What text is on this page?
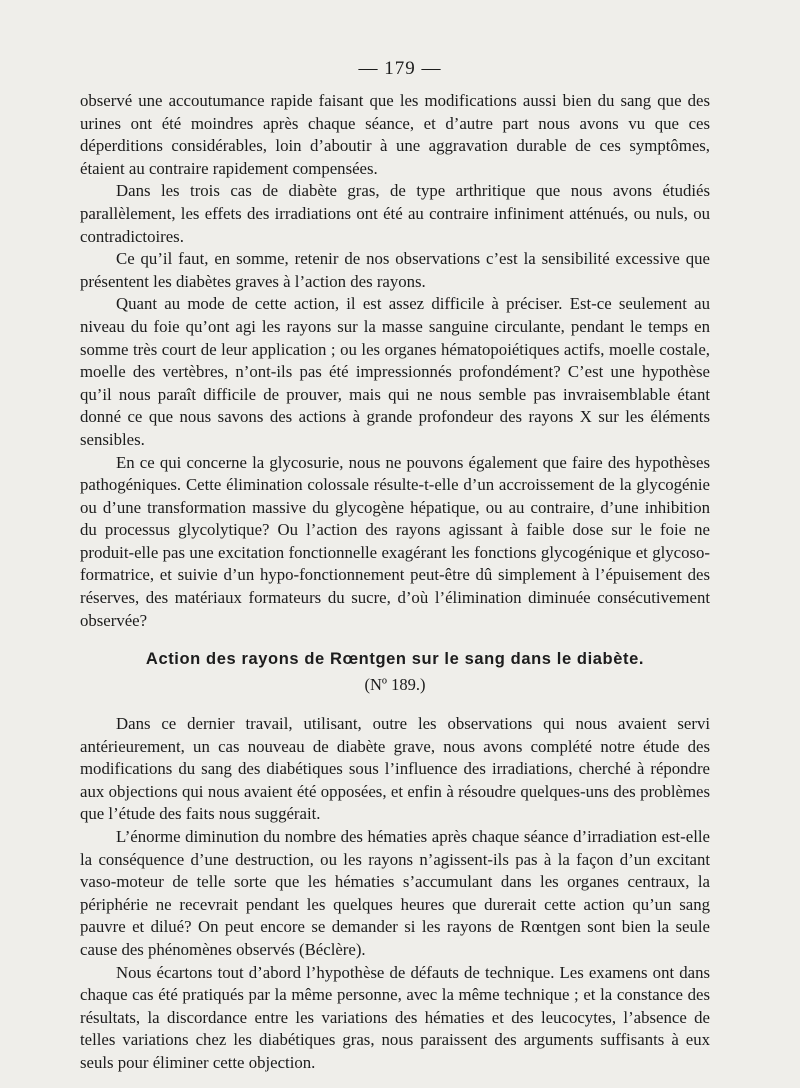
— 179 —

observé une accoutumance rapide faisant que les modifications aussi bien du sang que des urines ont été moindres après chaque séance, et d’autre part nous avons vu que ces déperditions considérables, loin d’aboutir à une aggravation durable de ces symptômes, étaient au contraire rapidement compensées.

Dans les trois cas de diabète gras, de type arthritique que nous avons étudiés parallèlement, les effets des irradiations ont été au contraire infiniment atténués, ou nuls, ou contradictoires.

Ce qu’il faut, en somme, retenir de nos observations c’est la sensibilité excessive que présentent les diabètes graves à l’action des rayons.

Quant au mode de cette action, il est assez difficile à préciser. Est-ce seulement au niveau du foie qu’ont agi les rayons sur la masse sanguine circulante, pendant le temps en somme très court de leur application ; ou les organes hématopoiétiques actifs, moelle costale, moelle des vertèbres, n’ont-ils pas été impressionnés profondément? C’est une hypothèse qu’il nous paraît difficile de prouver, mais qui ne nous semble pas invraisemblable étant donné ce que nous savons des actions à grande profondeur des rayons X sur les éléments sensibles.

En ce qui concerne la glycosurie, nous ne pouvons également que faire des hypothèses pathogéniques. Cette élimination colossale résulte-t-elle d’un accroissement de la glycogénie ou d’une transformation massive du glycogène hépatique, ou au contraire, d’une inhibition du processus glycolytique? Ou l’action des rayons agissant à faible dose sur le foie ne produit-elle pas une excitation fonctionnelle exagérant les fonctions glycogénique et glycoso-formatrice, et suivie d’un hypo-fonctionnement peut-être dû simplement à l’épuisement des réserves, des matériaux formateurs du sucre, d’où l’élimination diminuée consécutivement observée?

Action des rayons de Rœntgen sur le sang dans le diabète.
(Nº 189.)

Dans ce dernier travail, utilisant, outre les observations qui nous avaient servi antérieurement, un cas nouveau de diabète grave, nous avons complété notre étude des modifications du sang des diabétiques sous l’influence des irradiations, cherché à répondre aux objections qui nous avaient été opposées, et enfin à résoudre quelques-uns des problèmes que l’étude des faits nous suggérait.

L’énorme diminution du nombre des hématies après chaque séance d’irradiation est-elle la conséquence d’une destruction, ou les rayons n’agissent-ils pas à la façon d’un excitant vaso-moteur de telle sorte que les hématies s’accumulant dans les organes centraux, la périphérie ne recevrait pendant les quelques heures que durerait cette action qu’un sang pauvre et dilué? On peut encore se demander si les rayons de Rœntgen sont bien la seule cause des phénomènes observés (Béclère).

Nous écartons tout d’abord l’hypothèse de défauts de technique. Les examens ont dans chaque cas été pratiqués par la même personne, avec la même technique ; et la constance des résultats, la discordance entre les variations des hématies et des leucocytes, l’absence de telles variations chez les diabétiques gras, nous paraissent des arguments suffisants à eux seuls pour éliminer cette objection.
